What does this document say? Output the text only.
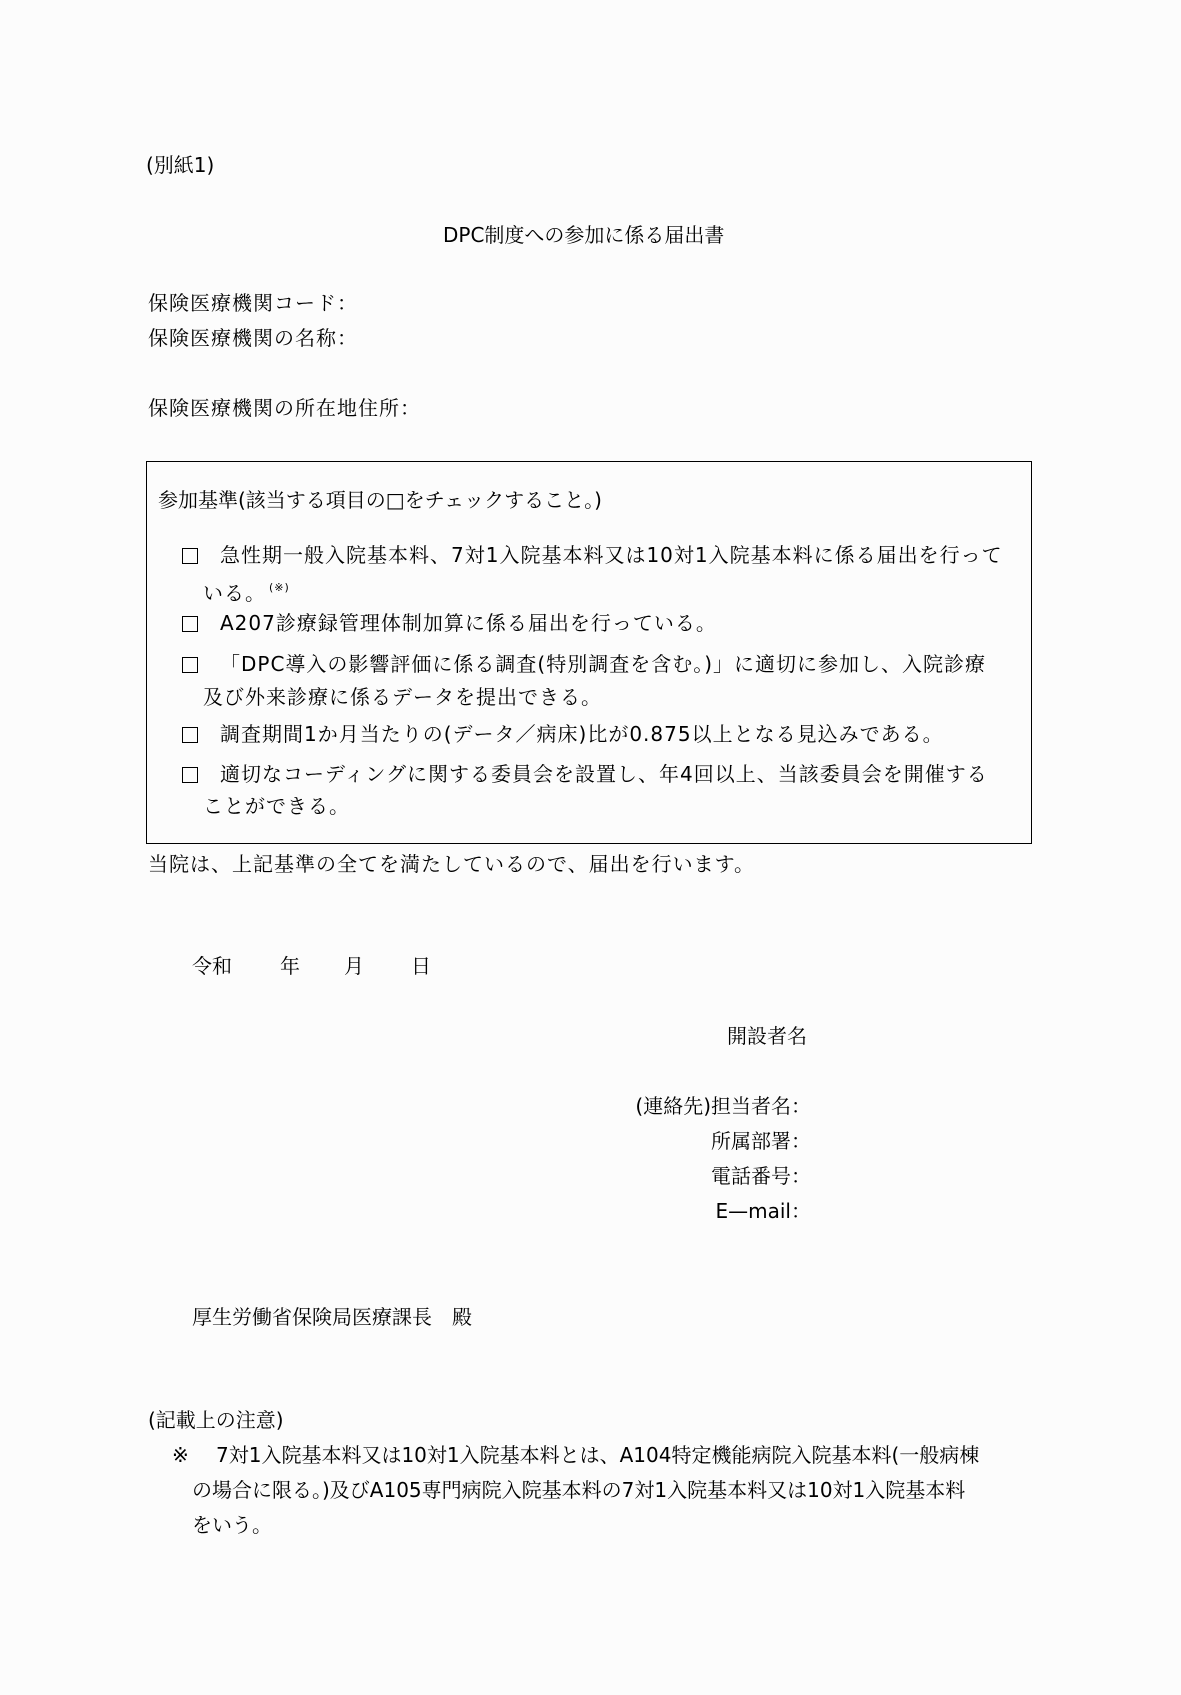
(別紙1)
DPC制度への参加に係る届出書
保険医療機関コード：
保険医療機関の名称：
保険医療機関の所在地住所：
参加基準(該当する項目の□をチェックすること。)
急性期一般入院基本料、7対1入院基本料又は10対1入院基本料に係る届出を行って
いる。 (※)
A207診療録管理体制加算に係る届出を行っている。
「DPC導入の影響評価に係る調査(特別調査を含む。)」に適切に参加し、入院診療
及び外来診療に係るデータを提出できる。
調査期間1か月当たりの(データ／病床)比が0.875以上となる見込みである。
適切なコーディングに関する委員会を設置し、年4回以上、当該委員会を開催する
ことができる。
当院は、上記基準の全てを満たしているので、届出を行います。
令和 年 月 日
開設者名
(連絡先)担当者名：
所属部署：
電話番号：
E—mail：
厚生労働省保険局医療課長　殿
(記載上の注意)
※ 7対1入院基本料又は10対1入院基本料とは、A104特定機能病院入院基本料(一般病棟
の場合に限る。)及びA105専門病院入院基本料の7対1入院基本料又は10対1入院基本料
をいう。
